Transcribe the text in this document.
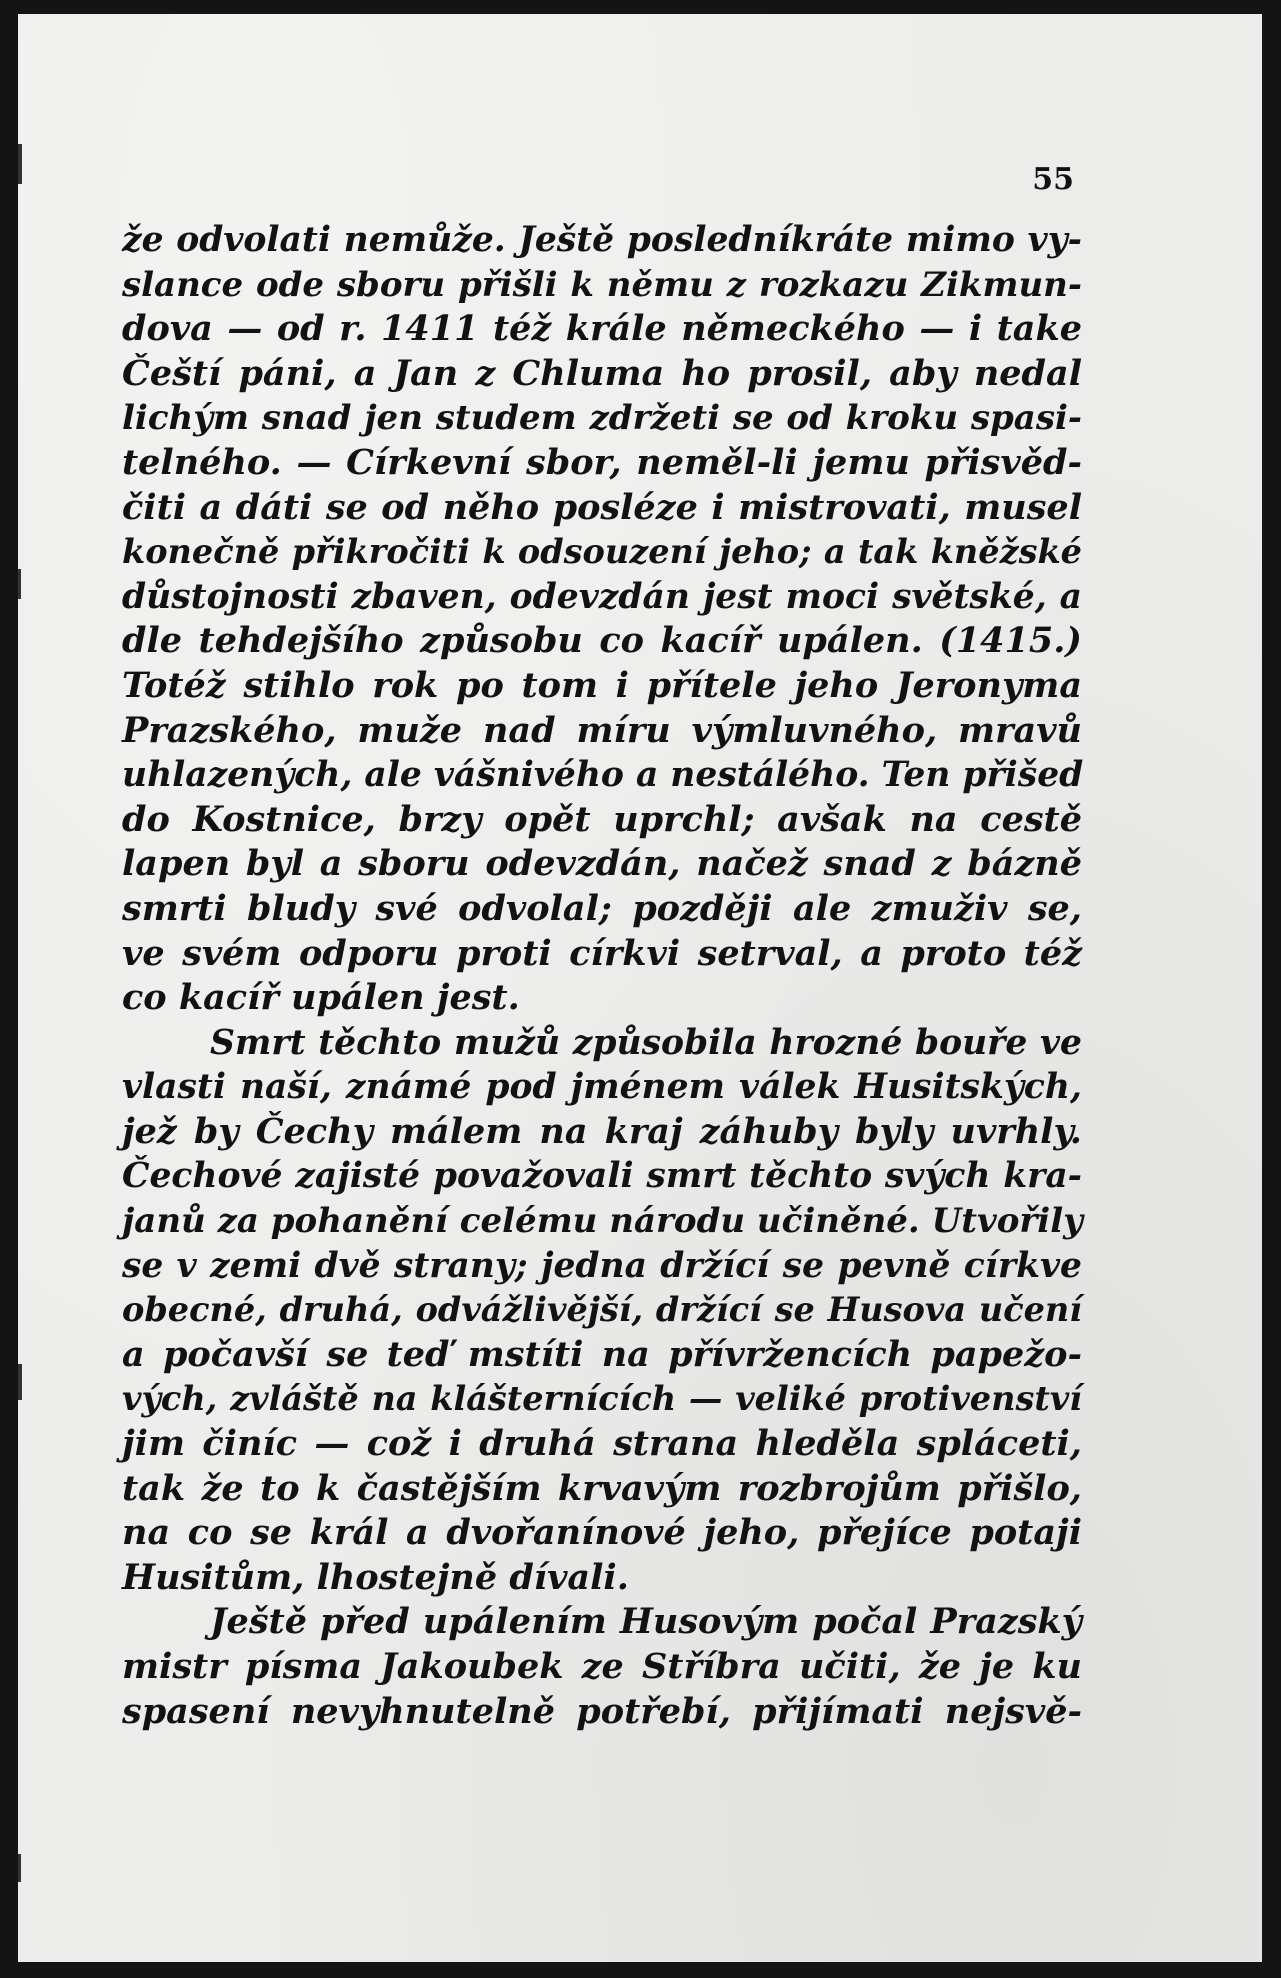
55

že odvolati nemůže. Ještě posledníkráte mimo vy-
slance ode sboru přišli k němu z rozkazu Zikmun-
dova — od r. 1411 též krále německého — i take
Čeští páni, a Jan z Chluma ho prosil, aby nedal
lichým snad jen studem zdržeti se od kroku spasi-
telného. — Církevní sbor, neměl-li jemu přisvěd-
čiti a dáti se od něho posléze i mistrovati, musel
konečně přikročiti k odsouzení jeho; a tak kněžské
důstojnosti zbaven, odevzdán jest moci světské, a
dle tehdejšího způsobu co kacíř upálen. (1415.)
Totéž stihlo rok po tom i přítele jeho Jeronyma
Prazského, muže nad míru výmluvného, mravů
uhlazených, ale vášnivého a nestálého. Ten přišed
do Kostnice, brzy opět uprchl; avšak na cestě
lapen byl a sboru odevzdán, načež snad z bázně
smrti bludy své odvolal; později ale zmuživ se,
ve svém odporu proti církvi setrval, a proto též
co kacíř upálen jest.
Smrt těchto mužů způsobila hrozné bouře ve
vlasti naší, známé pod jménem válek Husitských,
jež by Čechy málem na kraj záhuby byly uvrhly.
Čechové zajisté považovali smrt těchto svých kra-
janů za pohanění celému národu učiněné. Utvořily
se v zemi dvě strany; jedna držící se pevně církve
obecné, druhá, odvážlivější, držící se Husova učení
a počavší se teď mstíti na přívržencích papežo-
vých, zvláště na klášternících — veliké protivenství
jim činíc — což i druhá strana hleděla spláceti,
tak že to k častějším krvavým rozbrojům přišlo,
na co se král a dvořanínové jeho, přejíce potaji
Husitům, lhostejně dívali.
Ještě před upálením Husovým počal Prazský
mistr písma Jakoubek ze Stříbra učiti, že je ku
spasení nevyhnutelně potřebí, přijímati nejsvě-
